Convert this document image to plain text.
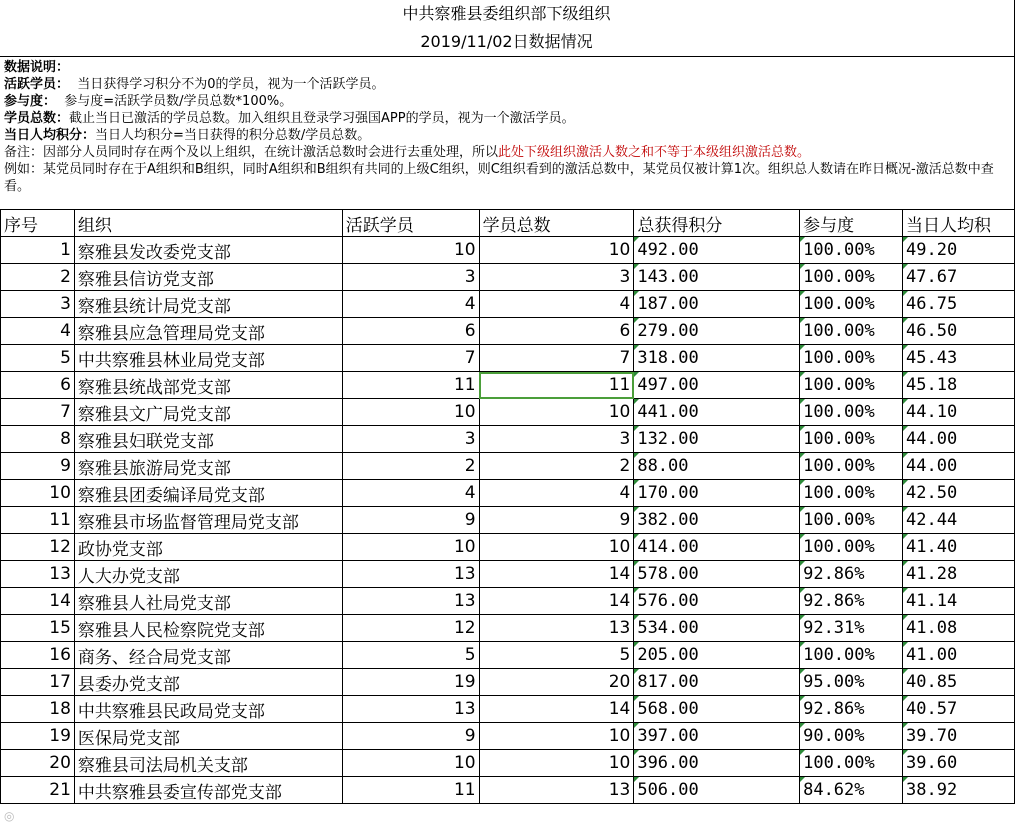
中共察雅县委组织部下级组织
2019/11/02日数据情况
数据说明：
活跃学员： 当日获得学习积分不为0的学员，视为一个活跃学员。
参与度： 参与度=活跃学员数/学员总数*100%。
学员总数：截止当日已激活的学员总数。加入组织且登录学习强国APP的学员，视为一个激活学员。
当日人均积分：当日人均积分=当日获得的积分总数/学员总数。
备注：因部分人员同时存在两个及以上组织，在统计激活总数时会进行去重处理，所以此处下级组织激活人数之和不等于本级组织激活总数。
例如：某党员同时存在于A组织和B组织，同时A组织和B组织有共同的上级C组织，则C组织看到的激活总数中，某党员仅被计算1次。组织总人数请在昨日概况-激活总数中查看。
序号	组织	活跃学员	学员总数	总获得积分	参与度	当日人均积
1	察雅县发改委党支部	10	10	492.00	100.00%	49.20
2	察雅县信访党支部	3	3	143.00	100.00%	47.67
3	察雅县统计局党支部	4	4	187.00	100.00%	46.75
4	察雅县应急管理局党支部	6	6	279.00	100.00%	46.50
5	中共察雅县林业局党支部	7	7	318.00	100.00%	45.43
6	察雅县统战部党支部	11	11	497.00	100.00%	45.18
7	察雅县文广局党支部	10	10	441.00	100.00%	44.10
8	察雅县妇联党支部	3	3	132.00	100.00%	44.00
9	察雅县旅游局党支部	2	2	88.00	100.00%	44.00
10	察雅县团委编译局党支部	4	4	170.00	100.00%	42.50
11	察雅县市场监督管理局党支部	9	9	382.00	100.00%	42.44
12	政协党支部	10	10	414.00	100.00%	41.40
13	人大办党支部	13	14	578.00	92.86%	41.28
14	察雅县人社局党支部	13	14	576.00	92.86%	41.14
15	察雅县人民检察院党支部	12	13	534.00	92.31%	41.08
16	商务、经合局党支部	5	5	205.00	100.00%	41.00
17	县委办党支部	19	20	817.00	95.00%	40.85
18	中共察雅县民政局党支部	13	14	568.00	92.86%	40.57
19	医保局党支部	9	10	397.00	90.00%	39.70
20	察雅县司法局机关支部	10	10	396.00	100.00%	39.60
21	中共察雅县委宣传部党支部	11	13	506.00	84.62%	38.92
◎
